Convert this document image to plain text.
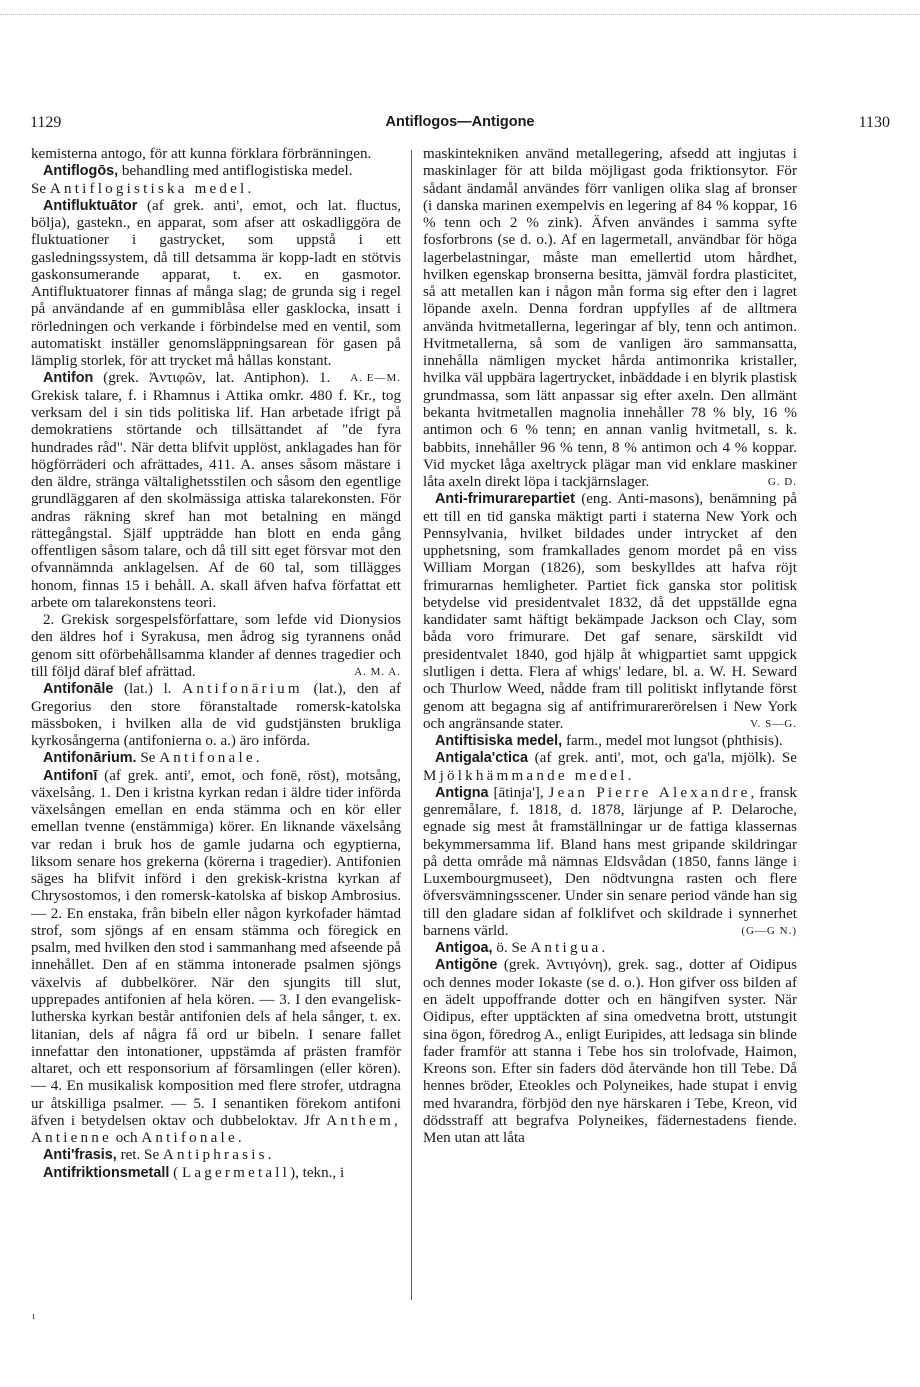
1129	Antiflogos—Antigone	1130

kemisterna antogo, för att kunna förklara förbränningen.

Antiflogōs, behandling med antiflogistiska medel.

Se Antiflogistiska medel.

Antifluktuātor (af grek. anti', emot, och lat. fluctus, bölja), gastekn., en apparat, som afser att oskadliggöra de fluktuationer i gastrycket, som uppstå i ett gasledningssystem, då till detsamma är kopp-ladt en stötvis gaskonsumerande apparat, t. ex. en gasmotor. Antifluktuatorer finnas af många slag; de grunda sig i regel på användande af en gummiblåsa eller gasklocka, insatt i rörledningen och verkande i förbindelse med en ventil, som automatiskt inställer genomsläppningsarean för gasen på lämplig storlek, för att trycket må hållas konstant.
A. E—M.

Antifon (grek. Ἀντιφῶν, lat. Antiphon). 1. Grekisk talare, f. i Rhamnus i Attika omkr. 480 f. Kr., tog verksam del i sin tids politiska lif. Han arbetade ifrigt på demokratiens störtande och tillsättandet af "de fyra hundrades råd". När detta blifvit upplöst, anklagades han för högförräderi och afrättades, 411. A. anses såsom mästare i den äldre, stränga vältalighetsstilen och såsom den egentlige grundläggaren af den skolmässiga attiska talarekonsten. För andras räkning skref han mot betalning en mängd rättegångstal. Själf uppträdde han blott en enda gång offentligen såsom talare, och då till sitt eget försvar mot den ofvannämnda anklagelsen. Af de 60 tal, som tillägges honom, finnas 15 i behåll. A. skall äfven hafva författat ett arbete om talarekonstens teori.

2. Grekisk sorgespelsförfattare, som lefde vid Dionysios den äldres hof i Syrakusa, men ådrog sig tyrannens onåd genom sitt oförbehållsamma klander af dennes tragedier och till följd däraf blef afrättad.	A. M. A.

Antifonāle (lat.) l. Antifonārium (lat.), den af Gregorius den store föranstaltade romersk-katolska mässboken, i hvilken alla de vid gudstjänsten brukliga kyrkosångerna (antifonierna o. a.) äro införda.

Antifonārium. Se Antifonale.

Antifonī (af grek. anti', emot, och fonē, röst), motsång, växelsång. 1. Den i kristna kyrkan redan i äldre tider införda växelsången emellan en enda stämma och en kör eller emellan tvenne (enstämmiga) körer. En liknande växelsång var redan i bruk hos de gamle judarna och egyptierna, liksom senare hos grekerna (körerna i tragedier). Antifonien säges ha blifvit införd i den grekisk-kristna kyrkan af Chrysostomos, i den romersk-katolska af biskop Ambrosius. — 2. En enstaka, från bibeln eller någon kyrkofader hämtad strof, som sjöngs af en ensam stämma och föregick en psalm, med hvilken den stod i sammanhang med afseende på innehållet. Den af en stämma intonerade psalmen sjöngs växelvis af dubbelkörer. När den sjungits till slut, upprepades antifonien af hela kören. — 3. I den evangelisk-lutherska kyrkan består antifonien dels af hela sånger, t. ex. litanian, dels af några få ord ur bibeln. I senare fallet innefattar den intonationer, uppstämda af prästen framför altaret, och ett responsorium af församlingen (eller kören). — 4. En musikalisk komposition med flere strofer, utdragna ur åtskilliga psalmer. — 5. I senantiken förekom antifoni äfven i betydelsen oktav och dubbeloktav. Jfr Anthem, Antienne och Antifonale.

Anti'frasis, ret. Se Antiphrasis.

Antifriktionsmetall ( Lagermetall), tekn., i

maskintekniken använd metallegering, afsedd att ingjutas i maskinlager för att bilda möjligast goda friktionsytor. För sådant ändamål användes förr vanligen olika slag af bronser (i danska marinen exempelvis en legering af 84 % koppar, 16 % tenn och 2 % zink). Äfven användes i samma syfte fosforbrons (se d. o.). Af en lagermetall, användbar för höga lagerbelastningar, måste man emellertid utom hårdhet, hvilken egenskap bronserna besitta, jämväl fordra plasticitet, så att metallen kan i någon mån forma sig efter den i lagret löpande axeln. Denna fordran uppfylles af de alltmera använda hvitmetallerna, legeringar af bly, tenn och antimon. Hvitmetallerna, så som de vanligen äro sammansatta, innehålla nämligen mycket hårda antimonrika kristaller, hvilka väl uppbära lagertrycket, inbäddade i en blyrik plastisk grundmassa, som lätt anpassar sig efter axeln. Den allmänt bekanta hvitmetallen magnolia innehåller 78 % bly, 16 % antimon och 6 % tenn; en annan vanlig hvitmetall, s. k. babbits, innehåller 96 % tenn, 8 % antimon och 4 % koppar. Vid mycket låga axeltryck plägar man vid enklare maskiner låta axeln direkt löpa i tackjärnslager.	G. D.

Anti-frimurarepartiet (eng. Anti-masons), benämning på ett till en tid ganska mäktigt parti i staterna New York och Pennsylvania, hvilket bildades under intrycket af den upphetsning, som framkallades genom mordet på en viss William Morgan (1826), som beskylldes att hafva röjt frimurarnas hemligheter. Partiet fick ganska stor politisk betydelse vid presidentvalet 1832, då det uppställde egna kandidater samt häftigt bekämpade Jackson och Clay, som båda voro frimurare. Det gaf senare, särskildt vid presidentvalet 1840, god hjälp åt whigpartiet samt uppgick slutligen i detta. Flera af whigs' ledare, bl. a. W. H. Seward och Thurlow Weed, nådde fram till politiskt inflytande först genom att begagna sig af antifrimurarerörelsen i New York och angränsande stater.	V. S—G.

Antiftisiska medel, farm., medel mot lungsot (phthisis).

Antigala'ctica (af grek. anti', mot, och ga'la, mjölk). Se Mjölkhämmande medel.

Antigna [ātinja'], Jean Pierre Alexandre, fransk genremålare, f. 1818, d. 1878, lärjunge af P. Delaroche, egnade sig mest åt framställningar ur de fattiga klassernas bekymmersamma lif. Bland hans mest gripande skildringar på detta område må nämnas Eldsvådan (1850, fanns länge i Luxembourgmuseet), Den nödtvungna rasten och flere öfversvämningsscener. Under sin senare period vände han sig till den gladare sidan af folklifvet och skildrade i synnerhet barnens värld.	(G—G N.)

Antigoa, ö. Se Antigua.

Antigŏne (grek. Ἀντιγόνη), grek. sag., dotter af Oidipus och dennes moder Iokaste (se d. o.). Hon gifver oss bilden af en ädelt uppoffrande dotter och en hängifven syster. När Oidipus, efter upptäckten af sina omedvetna brott, utstungit sina ögon, föredrog A., enligt Euripides, att ledsaga sin blinde fader framför att stanna i Tebe hos sin trolofvade, Haimon, Kreons son. Efter sin faders död återvände hon till Tebe. Då hennes bröder, Eteokles och Polyneikes, hade stupat i envig med hvarandra, förbjöd den nye härskaren i Tebe, Kreon, vid dödsstraff att begrafva Polyneikes, fädernestadens fiende. Men utan att låta

ι
